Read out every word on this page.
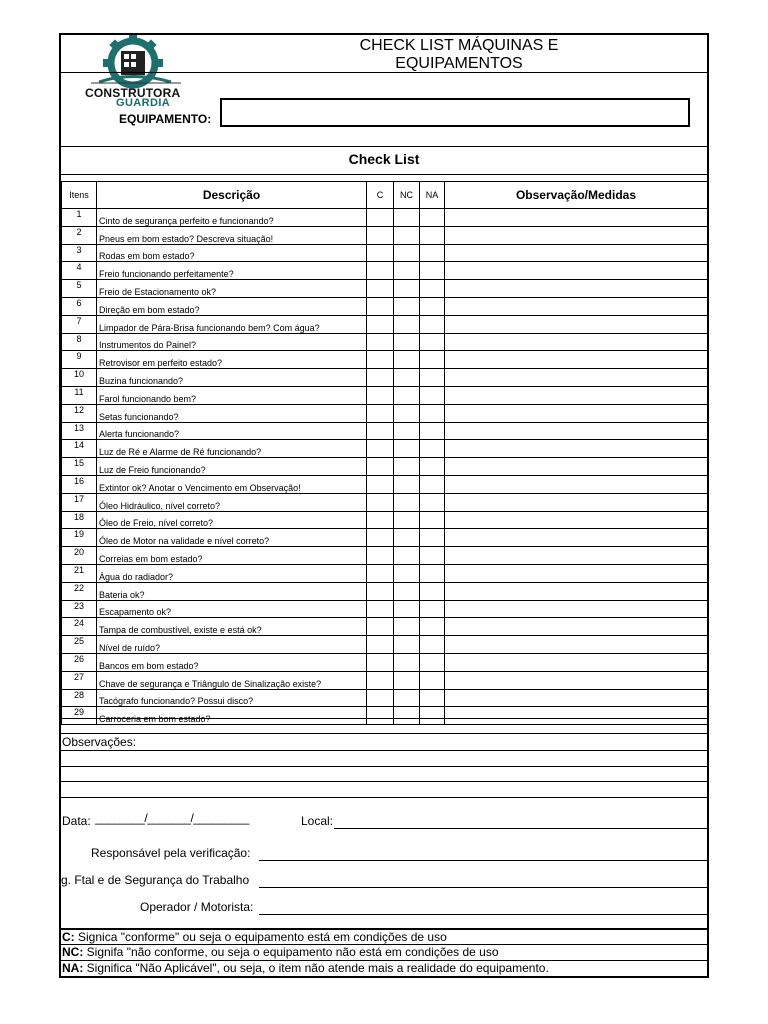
CONSTRUTORA
GUARDIA
CHECK LIST MÁQUINAS E
EQUIPAMENTOS
EQUIPAMENTO:
Check List
Itens	Descrição	C	NC	NA	Observação/Medidas
1	Cinto de segurança perfeito e funcionando?				
2	Pneus em bom estado? Descreva situação!				
3	Rodas em bom estado?				
4	Freio funcionando perfeitamente?				
5	Freio de Estacionamento ok?				
6	Direção em bom estado?				
7	Limpador de Pára-Brisa funcionando bem? Com água?				
8	Instrumentos do Painel?				
9	Retrovisor em perfeito estado?				
10	Buzina funcionando?				
11	Farol funcionando bem?				
12	Setas funcionando?				
13	Alerta funcionando?				
14	Luz de Ré e Alarme de Ré funcionando?				
15	Luz de Freio funcionando?				
16	Extintor ok? Anotar o Vencimento em Observação!				
17	Óleo Hidráulico, nível correto?				
18	Óleo de Freio, nível correto?				
19	Óleo de Motor na validade e nível correto?				
20	Correias em bom estado?				
21	Água do radiador?				
22	Bateria ok?				
23	Escapamento ok?				
24	Tampa de combustível, existe e está ok?				
25	Nível de ruído?				
26	Bancos em bom estado?				
27	Chave de segurança e Triângulo de Sinalização existe?				
28	Tacógrafo funcionando? Possui disco?				
29	Carroceria em bom estado?				
Observações:
Data: ________/_______/_________	Local:
Responsável pela verificação:
g. Ftal e de Segurança do Trabalho
Operador / Motorista:
C: Signica "conforme" ou seja o equipamento está em condições de uso
NC: Signifa "não conforme, ou seja o equipamento não está em condições de uso
NA: Significa "Não Aplicável", ou seja, o item não atende mais a realidade do equipamento.
